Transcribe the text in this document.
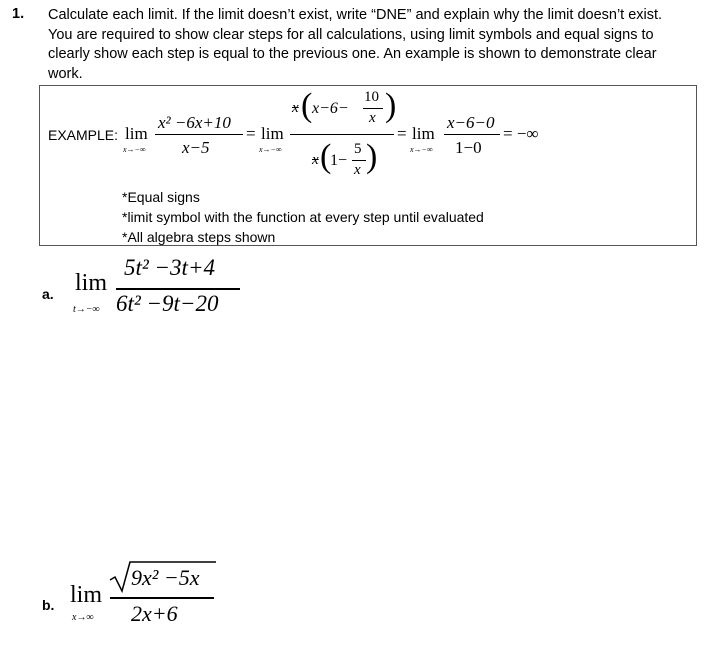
1. Calculate each limit. If the limit doesn’t exist, write “DNE” and explain why the limit doesn’t exist.
You are required to show clear steps for all calculations, using limit symbols and equal signs to
clearly show each step is equal to the previous one. An example is shown to demonstrate clear
work.
EXAMPLE: lim
x→−∞
x² −6x+10
x−5
= lim
x→−∞
x ( x−6−
10
x )
x (
1−
5
x )
= lim
x→−∞
x−6−0
1−0
= −∞
*Equal signs
*limit symbol with the function at every step until evaluated
*All algebra steps shown
a. lim
t→−∞
5t² −3t+4
6t² −9t−20
b. lim
x→∞
9x² −5x
2x+6
